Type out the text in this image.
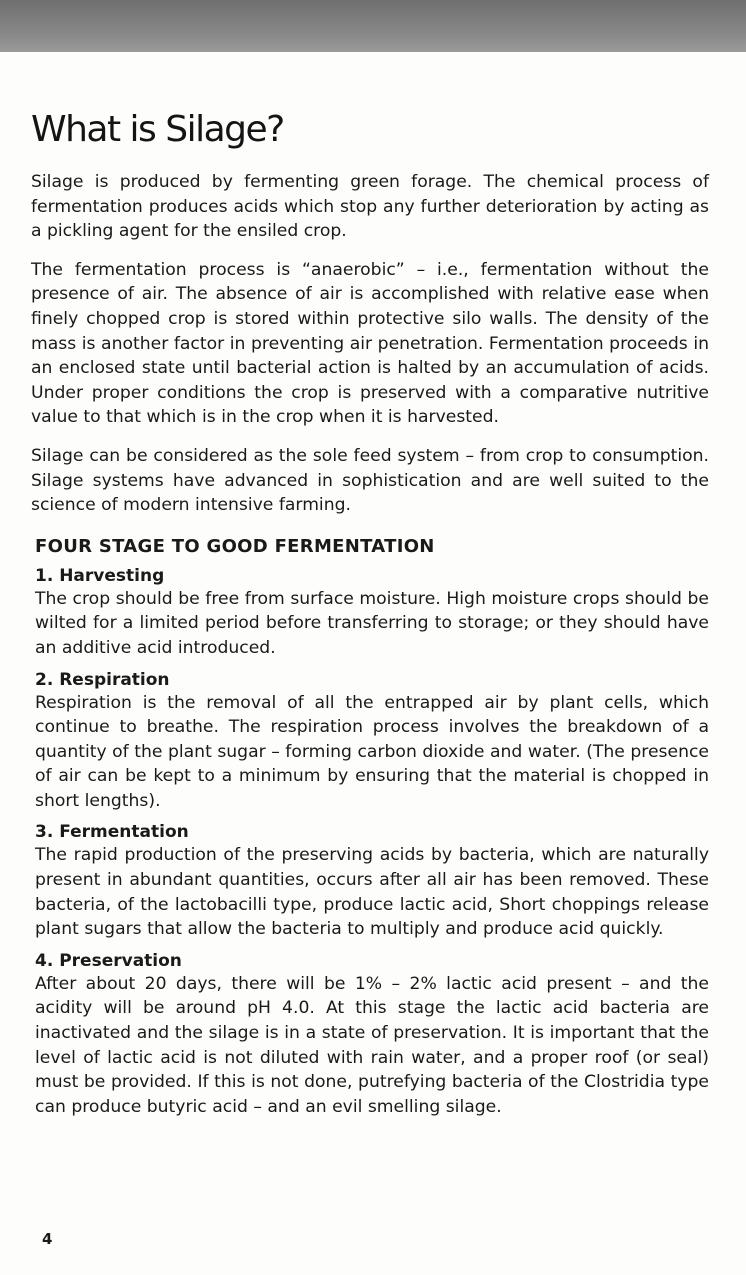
What is Silage?

Silage is produced by fermenting green forage. The chemical process of fermentation produces acids which stop any further deterioration by acting as a pickling agent for the ensiled crop.

The fermentation process is “anaerobic” – i.e., fermentation without the presence of air. The absence of air is accomplished with relative ease when finely chopped crop is stored within protective silo walls. The density of the mass is another factor in preventing air penetration. Fermentation proceeds in an enclosed state until bacterial action is halted by an accumulation of acids. Under proper conditions the crop is preserved with a comparative nutritive value to that which is in the crop when it is harvested.

Silage can be considered as the sole feed system – from crop to consumption. Silage systems have advanced in sophistication and are well suited to the science of modern intensive farming.

FOUR STAGE TO GOOD FERMENTATION
1. Harvesting

The crop should be free from surface moisture. High moisture crops should be wilted for a limited period before transferring to storage; or they should have an additive acid introduced.

2. Respiration

Respiration is the removal of all the entrapped air by plant cells, which continue to breathe. The respiration process involves the breakdown of a quantity of the plant sugar – forming carbon dioxide and water. (The presence of air can be kept to a minimum by ensuring that the material is chopped in short lengths).

3. Fermentation

The rapid production of the preserving acids by bacteria, which are naturally present in abundant quantities, occurs after all air has been removed. These bacteria, of the lactobacilli type, produce lactic acid, Short choppings release plant sugars that allow the bacteria to multiply and produce acid quickly.

4. Preservation

After about 20 days, there will be 1% – 2% lactic acid present – and the acidity will be around pH 4.0. At this stage the lactic acid bacteria are inactivated and the silage is in a state of preservation. It is important that the level of lactic acid is not diluted with rain water, and a proper roof (or seal) must be provided. If this is not done, putrefying bacteria of the Clostridia type can produce butyric acid – and an evil smelling silage.

4
